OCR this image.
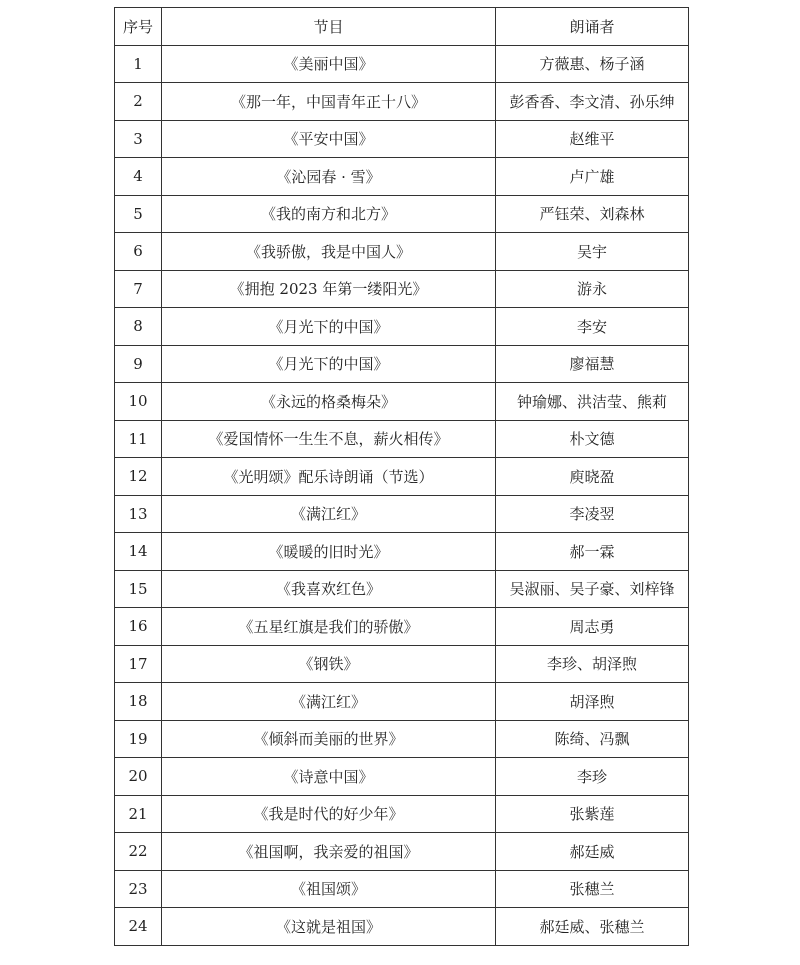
序号	节目	朗诵者
1	《美丽中国》	方薇惠、杨子涵
2	《那一年，中国青年正十八》	彭香香、李文清、孙乐绅
3	《平安中国》	赵维平
4	《沁园春 · 雪》	卢广雄
5	《我的南方和北方》	严钰荣、刘森林
6	《我骄傲，我是中国人》	吴宇
7	《拥抱 2023 年第一缕阳光》	游永
8	《月光下的中国》	李安
9	《月光下的中国》	廖福慧
10	《永远的格桑梅朵》	钟瑜娜、洪洁莹、熊莉
11	《爱国情怀一生生不息，薪火相传》	朴文德
12	《光明颂》配乐诗朗诵（节选）	庾晓盈
13	《满江红》	李凌翌
14	《暖暖的旧时光》	郝一霖
15	《我喜欢红色》	吴淑丽、吴子豪、刘梓锋
16	《五星红旗是我们的骄傲》	周志勇
17	《钢铁》	李珍、胡泽煦
18	《满江红》	胡泽煦
19	《倾斜而美丽的世界》	陈绮、冯飘
20	《诗意中国》	李珍
21	《我是时代的好少年》	张紫莲
22	《祖国啊，我亲爱的祖国》	郝廷威
23	《祖国颂》	张穗兰
24	《这就是祖国》	郝廷威、张穗兰
